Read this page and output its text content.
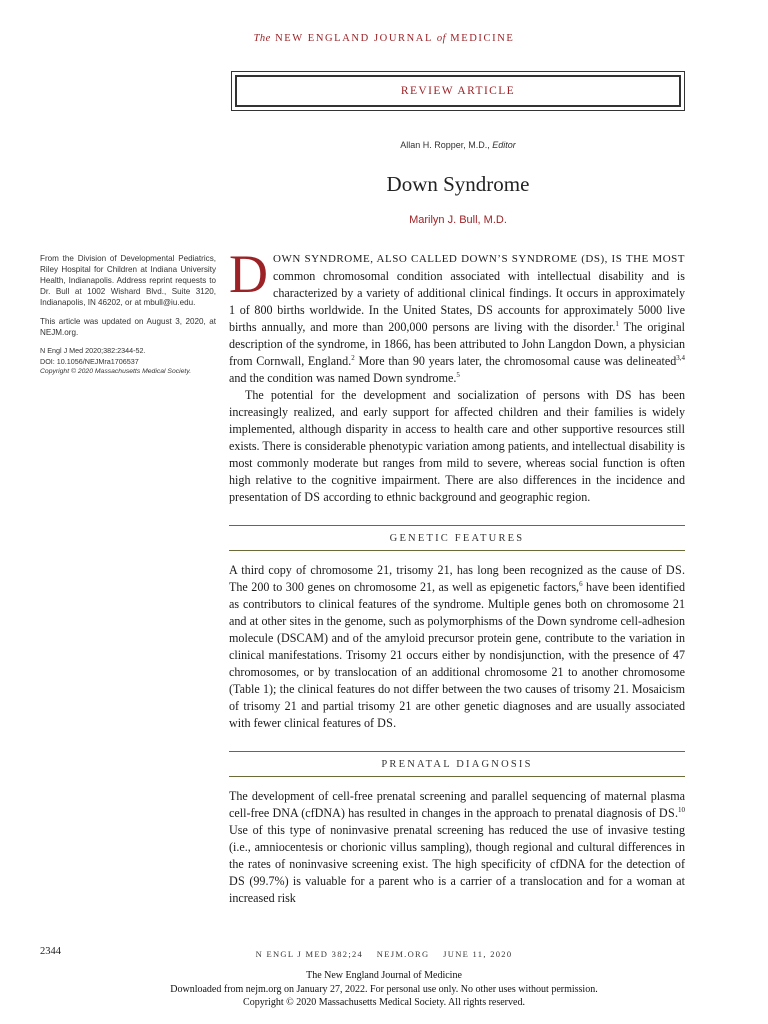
The NEW ENGLAND JOURNAL of MEDICINE
REVIEW ARTICLE
Allan H. Ropper, M.D., Editor
Down Syndrome
Marilyn J. Bull, M.D.

From the Division of Developmental Pediatrics, Riley Hospital for Children at Indiana University Health, Indianapolis. Address reprint requests to Dr. Bull at 1002 Wishard Blvd., Suite 3120, Indianapolis, IN 46202, or at mbull@iu.edu.

This article was updated on August 3, 2020, at NEJM.org.

N Engl J Med 2020;382:2344-52.

DOI: 10.1056/NEJMra1706537

Copyright © 2020 Massachusetts Medical Society.

DOWN SYNDROME, ALSO CALLED DOWN’S SYNDROME (DS), IS THE MOST common chromosomal condition associated with intellectual disability and is characterized by a variety of additional clinical findings. It occurs in approximately 1 of 800 births worldwide. In the United States, DS accounts for approximately 5000 live births annually, and more than 200,000 persons are living with the disorder.$^1$ The original description of the syndrome, in 1866, has been attributed to John Langdon Down, a physician from Cornwall, England.$^2$ More than 90 years later, the chromosomal cause was delineated$^{3,4}$ and the condition was named Down syndrome.$^5$

The potential for the development and socialization of persons with DS has been increasingly realized, and early support for affected children and their families is widely implemented, although disparity in access to health care and other supportive resources still exists. There is considerable phenotypic variation among patients, and intellectual disability is most commonly moderate but ranges from mild to severe, whereas social function is often high relative to the cognitive impairment. There are also differences in the incidence and presentation of DS according to ethnic background and geographic region.

GENETIC FEATURES

A third copy of chromosome 21, trisomy 21, has long been recognized as the cause of DS. The 200 to 300 genes on chromosome 21, as well as epigenetic factors,$^6$ have been identified as contributors to clinical features of the syndrome. Multiple genes both on chromosome 21 and at other sites in the genome, such as polymorphisms of the Down syndrome cell-adhesion molecule (DSCAM) and of the amyloid precursor protein gene, contribute to the variation in clinical manifestations. Trisomy 21 occurs either by nondisjunction, with the presence of 47 chromosomes, or by translocation of an additional chromosome 21 to another chromosome (Table 1); the clinical features do not differ between the two causes of trisomy 21. Mosaicism of trisomy 21 and partial trisomy 21 are other genetic diagnoses and are usually associated with fewer clinical features of DS.

PRENATAL DIAGNOSIS

The development of cell-free prenatal screening and parallel sequencing of maternal plasma cell-free DNA (cfDNA) has resulted in changes in the approach to prenatal diagnosis of DS.$^{10}$ Use of this type of noninvasive prenatal screening has reduced the use of invasive testing (i.e., amniocentesis or chorionic villus sampling), though regional and cultural differences in the rates of noninvasive screening exist. The high specificity of cfDNA for the detection of DS (99.7%) is valuable for a parent who is a carrier of a translocation and for a woman at increased risk

2344	N ENGL J MED 382;24    NEJM.ORG    JUNE 11, 2020
The New England Journal of Medicine
Downloaded from nejm.org on January 27, 2022. For personal use only. No other uses without permission.
Copyright © 2020 Massachusetts Medical Society. All rights reserved.
